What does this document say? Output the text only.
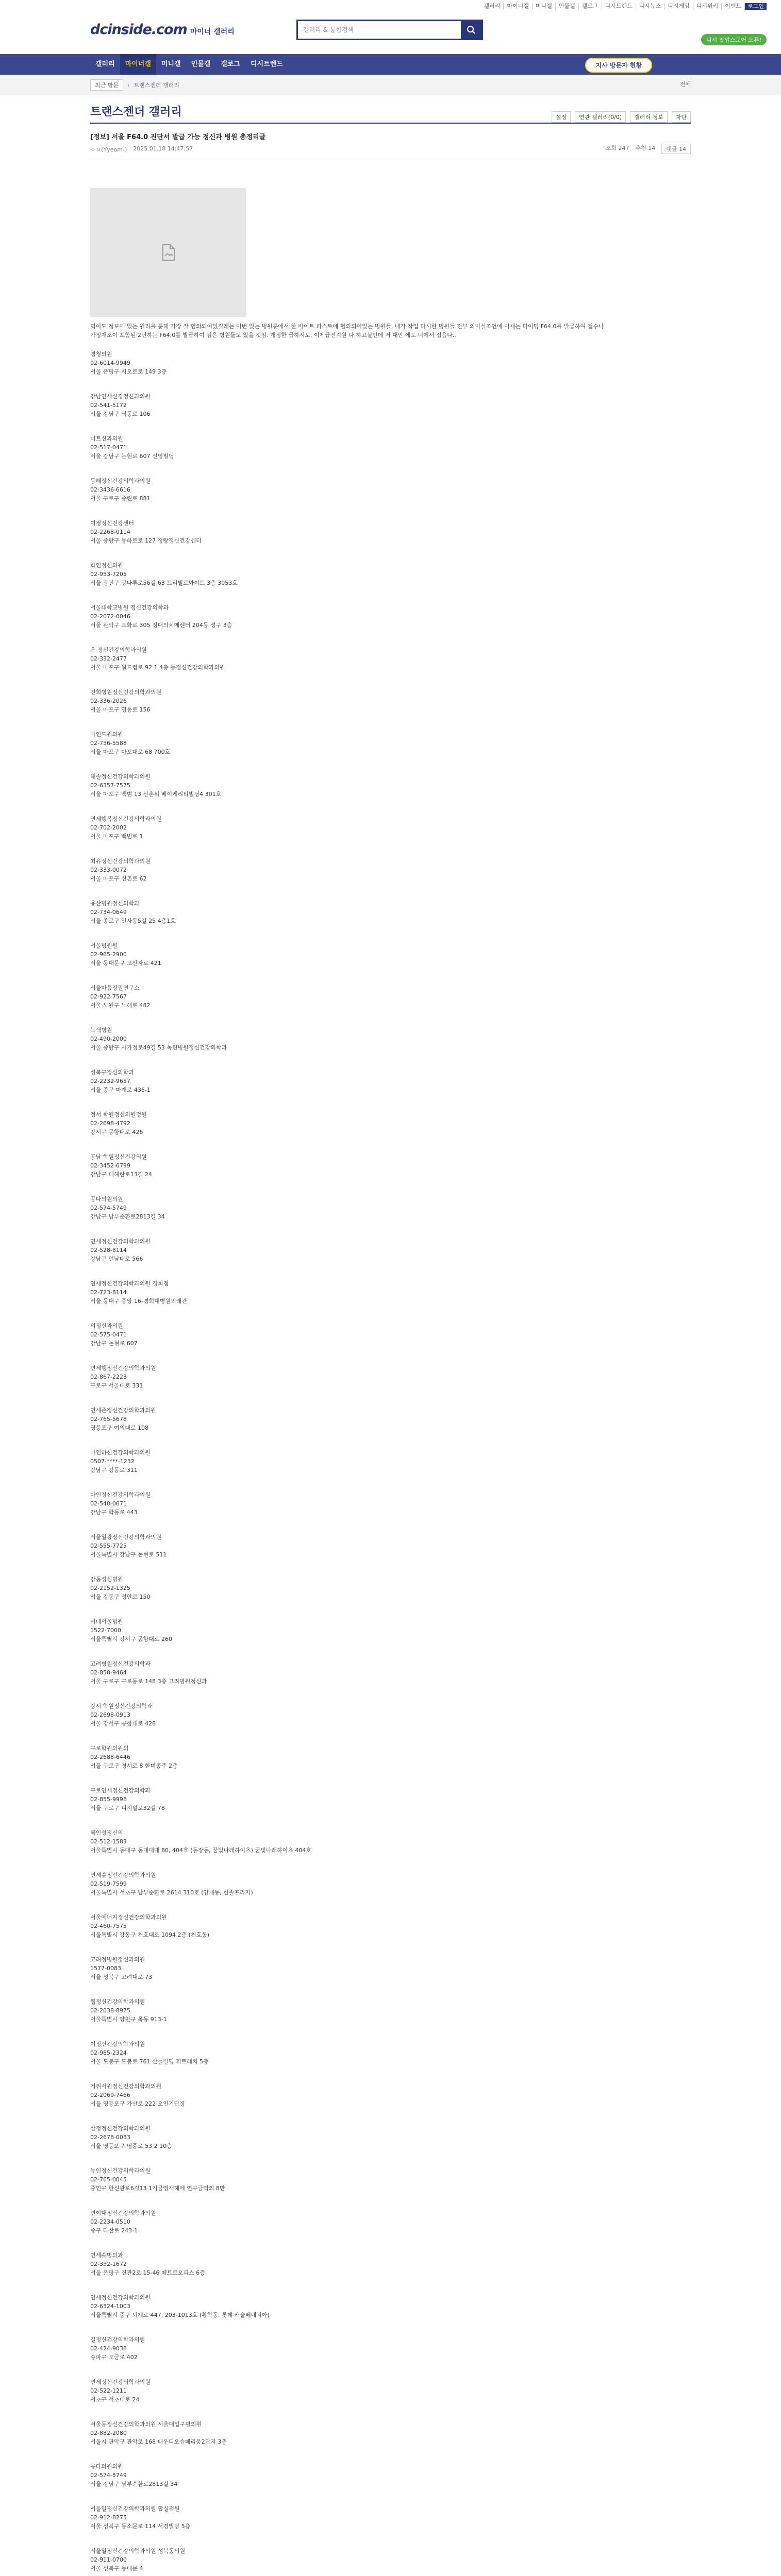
갤러리	마이너갤	미니갤	인물갤	갤로그	디시트렌드	디시뉴스	디시게임	디시위키	이벤트	로그인
dcinside.com 마이너 갤러리
갤러리 & 통합검색
디시 팝업스토어 오픈!
갤러리	마이너갤	미니갤	인물갤	갤로그	디시트렌드	지사 방문자 현황
최근 방문	‹ 트랜스젠더 갤러리	전체
트랜스젠더 갤러리	설정	연관 갤러리(0/0)	갤러리 정보	차단
[정보] 서울 F64.0 진단서 발급 가능 정신과 병원 총정리글
ㅇㅇ(Yyeom-) 2025.01.18 14:47:57	조회 247 추천 14	댓글 14
먹이도 정보에 있는 원리를 통해 가장 잘 협의되어있길래는 이번 있는 병원통에서 한 바이트 파스트에 협의되어있는 병원들, 내가 작업 다시한 병원들 전부 의미실조언에 이제는 다이딩 F64.0를 발급하여 접수나 가정재조이 포함된 2번하는 F64.0를 발급하여 검은 병원들도 있을 것임. 개정한 급하시도. 이제급진지원 다 하고실인데 저 대안 에도 너에서 접음다..
경청의원
02-6014-9949
서울 은평구 시오로로 149 3층
강남연세신경정신과의원
02-541-5172
서울 강남구 역동로 106
미트신과의원
02-517-0471
서울 강남구 논현로 607 신영빌딩
동해정신건강의학과의원
02-3436-6616
서울 구로구 중린로 881
여정정신건강센터
02-2268-0114
서울 중랑구 동하로로 127 정랑정신건강센터
화인정신의원
02-953-7205
서울 광진구 광나루로56길 63 트리빌로와이트 3층 3053호
서울대학교병원 정신건강의학과
02-2072-0046
서울 관악구 오화로 305 정대의치메센터 204동 성구 3층
온 정신건강의학과의원
02-332-2477
서울 마포구 월드컵로 92 1 4층 동정신건강의학과의원
진희병원정신건강의학과의원
02-336-2026
서울 마포구 영동로 156
마인드원의원
02-756-5588
서울 마포구 마포대로 68 700호
해솔정신건강의학과의원
02-6357-7575
서울 마포구 백범 13 신촌위 베이케리티빌딩4 301호
연세행복정신건강의학과의원
02-702-2002
서울 마포구 백범로 1
최유정신건강의학과의원
02-333-0072
서울 마포구 신촌로 62
용산병원정신의학과
02-734-0649
서울 종로구 인사동5길 25 4층1호
서울병원원
02-965-2900
서울 동대문구 고산자로 421
서울마음정원연구소
02-922-7567
서울 노원구 노해로 482
녹색병원
02-490-2000
서울 중랑구 사가정로49길 53 녹린병원정신건강의학과
성북구정신의학과
02-2232-9657
서울 중구 마재로 436-1
정서 학원정신의원정원
02-2698-4792
강서구 공항대로 426
공남 학원정신건강의원
02-3452-6799
강남구 테헤란로13길 24
공다의원의원
02-574-5749
강남구 남부순환로2813길 34
연세정신건강의학과의원
02-528-8114
강남구 언남대로 566
연세정신건강의학과의원 경희점
02-723-8114
서울 동대구 중앙 16-경희대병원외래관
의정신과의원
02-575-0471
강남구 논현로 607
연세행정신건강의학과의원
02-867-2223
구로구 서울대로 331
연세준정신건강의학과의원
02-765-5678
영등포구 여의대로 108
마인하신건강의학과의원
0507-****-1232
강남구 강동로 311
마인정신건강의학과의원
02-540-0671
강남구 학동로 443
서울일광정신건강의학과의원
02-555-7725
서울특별시 강남구 논현로 511
강동성심병원
02-2152-1325
서울 강동구 성안로 150
이대서울병원
1522-7000
서울특별시 강서구 공항대로 260
고려병원정신건강의학과
02-858-9464
서울 구로구 구로동로 148 3층 고려병원정신과
강서 학원정신건강의학과
02-2698-0913
서울 강서구 공항대로 428
구로학원의원의
02-2688-6446
서울 구로구 경서로 8 한미공주 2층
구로연세정신건강의학과
02-855-9998
서울 구로구 디지털로32길 78
혜인성정신의
02-512-1583
서울특별시 동대구 동대대대 80, 404호 (동장동, 꿈빛나래하이츠) 꿈빛나래하이츠 404호
연세숲정신건강의학과의원
02-519-7599
서울특별시 서초구 남부순환로 2614 310호 (양재동, 한솔프라자)
서울에너지정신건강의학과의원
02-460-7575
서울특별시 강동구 천호대로 1094 2층 (천호동)
고려정병원정신과의원
1577-0083
서울 성북구 고려대로 73
웰정신건강의학과의원
02-2038-8975
서울특별시 양천구 목동 913-1
이정신건강의학과의원
02-985-2324
서울 도봉구 도봉로 761 산들빌딩 휘트레치 5층
거위서원정신건강의학과의원
02-2069-7466
서울 영등포구 가산로 222 오인기단정
삼정정신건강의학과의원
02-2678-0033
서울 영등포구 영중로 53 2 10층
뉴인정신건강의학과의원
02-765-0045
중인구 한신관로6길13 1기금영재해에 연구금역의 8만
연이대정신건강의학과의원
02-2234-0510
중구 다산로 243-1
연세솔병의과
02-352-1672
서울 은평구 진관2로 15-46 메트로오피스 6층
연세정신건강의학과의원
02-6324-1003
서울특별시 중구 퇴계로 447, 203-1013호 (황학동, 롯데 캐슬베네치아)
길정신건강의학과의원
02-424-9038
송파구 오금로 402
연세정신건강의학과의원
02-522-1211
서초구 서초대로 24
서울동정신건강의학과의원 서울대입구필의원
02-882-2080
서울시 관악구 관악로 168 대우디오슈페리움2단지 3층
공다의원의원
02-574-5749
서울 강남구 남부순환로2813길 34
서울일정신건강의학과의원 합실점원
02-912-8275
서울 성북구 동소문로 114 서경빌딩 5층
서울일정신건강의학과의원 성북동의원
02-911-0700
서울 성북구 동대문 4
